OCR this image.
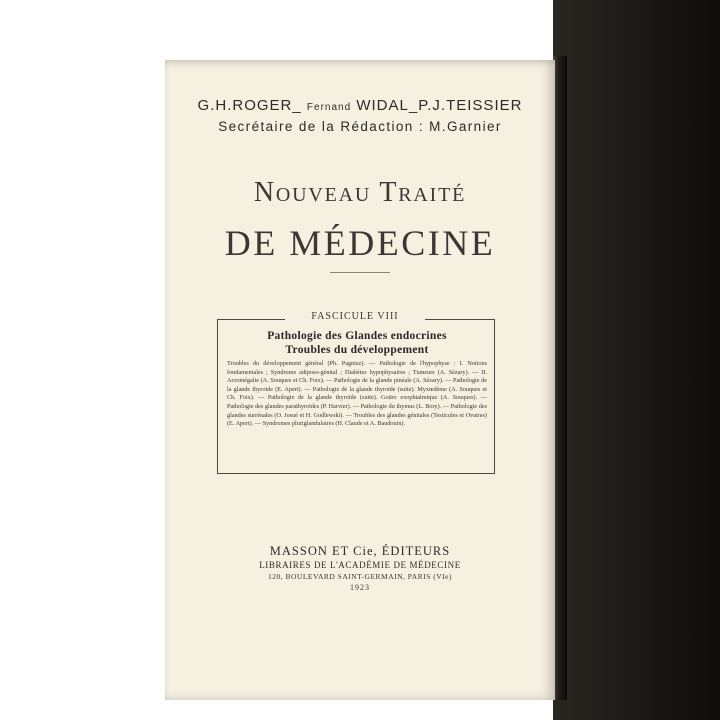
G.H.ROGER_ Fernand WIDAL_P.J.TEISSIER
Secrétaire de la Rédaction : M.Garnier
Nouveau Traité
DE MÉDECINE
FASCICULE VIII
Pathologie des Glandes endocrines
Troubles du développement
Troubles du développement général (Ph. Pagniez). — Pathologie de l'hypophyse : I. Notions fondamentales ; Syndrome adiposo-génital ; Diabètes hypophysaires ; Tumeurs (A. Sézary). — II. Acromégalie (A. Souques et Ch. Foix). — Pathologie de la glande pinéale (A. Sézary). — Pathologie de la glande thyroïde (E. Apert). — Pathologie de la glande thyroïde (suite). Myxœdème (A. Souques et Ch. Foix). — Pathologie de la glande thyroïde (suite). Goitre exophtalmique (A. Souques). — Pathologie des glandes parathyroïdes (P. Harvier). — Pathologie du thymus (L. Bory). — Pathologie des glandes surrénales (O. Josué et H. Godlewski). — Troubles des glandes génitales (Testicules et Ovaires) (E. Apert). — Syndromes pluriglandulaires (H. Claude et A. Baudouin).
MASSON ET Cie, ÉDITEURS
LIBRAIRES DE L'ACADÉMIE DE MÉDECINE
120, BOULEVARD SAINT-GERMAIN, PARIS (VIe)
1923
